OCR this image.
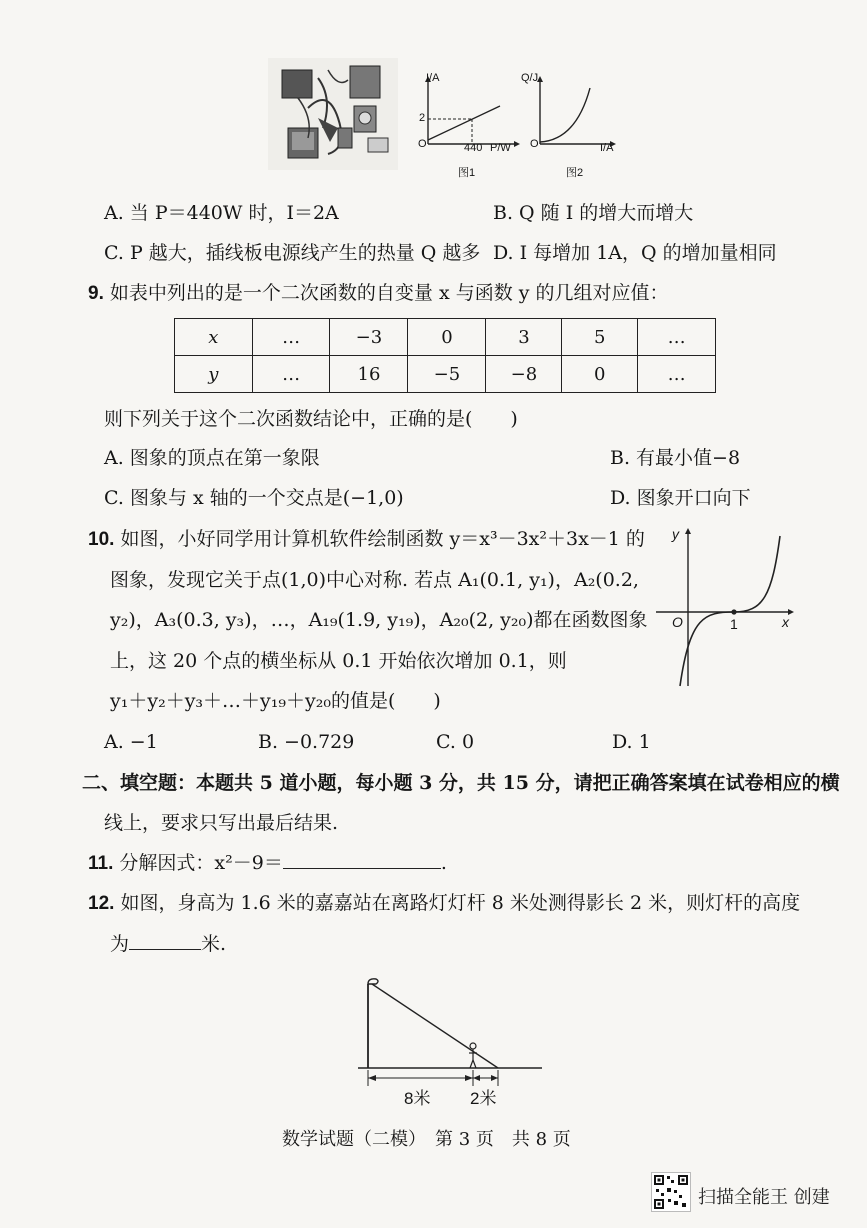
I/A
2
O	440 P/W
图1
Q/J
O	I/A
图2
A. 当 P＝440W 时，I＝2A	B. Q 随 I 的增大而增大
C. P 越大，插线板电源线产生的热量 Q 越多 D. I 每增加 1A，Q 的增加量相同
9. 如表中列出的是一个二次函数的自变量 x 与函数 y 的几组对应值：
x	…	−3	0	3	5	…
y	…	16	−5	−8	0	…
则下列关于这个二次函数结论中，正确的是(　　)
A. 图象的顶点在第一象限	B. 有最小值−8
C. 图象与 x 轴的一个交点是(−1,0)	D. 图象开口向下
10. 如图，小好同学用计算机软件绘制函数 y＝x³－3x²＋3x－1 的
图象，发现它关于点(1,0)中心对称. 若点 A₁(0.1, y₁)，A₂(0.2,
y₂)，A₃(0.3, y₃)，…，A₁₉(1.9, y₁₉)，A₂₀(2, y₂₀)都在函数图象
上，这 20 个点的横坐标从 0.1 开始依次增加 0.1，则
y₁＋y₂＋y₃＋…＋y₁₉＋y₂₀的值是(　　)
y
x
O	1
A. −1	B. −0.729	C. 0	D. 1
二、填空题：本题共 5 道小题，每小题 3 分，共 15 分，请把正确答案填在试卷相应的横
线上，要求只写出最后结果.
11. 分解因式：x²－9＝	.
12. 如图，身高为 1.6 米的嘉嘉站在离路灯灯杆 8 米处测得影长 2 米，则灯杆的高度
为	米.
8米 2米
数学试题（二模）　第 3 页　共 8 页
扫描全能王 创建
